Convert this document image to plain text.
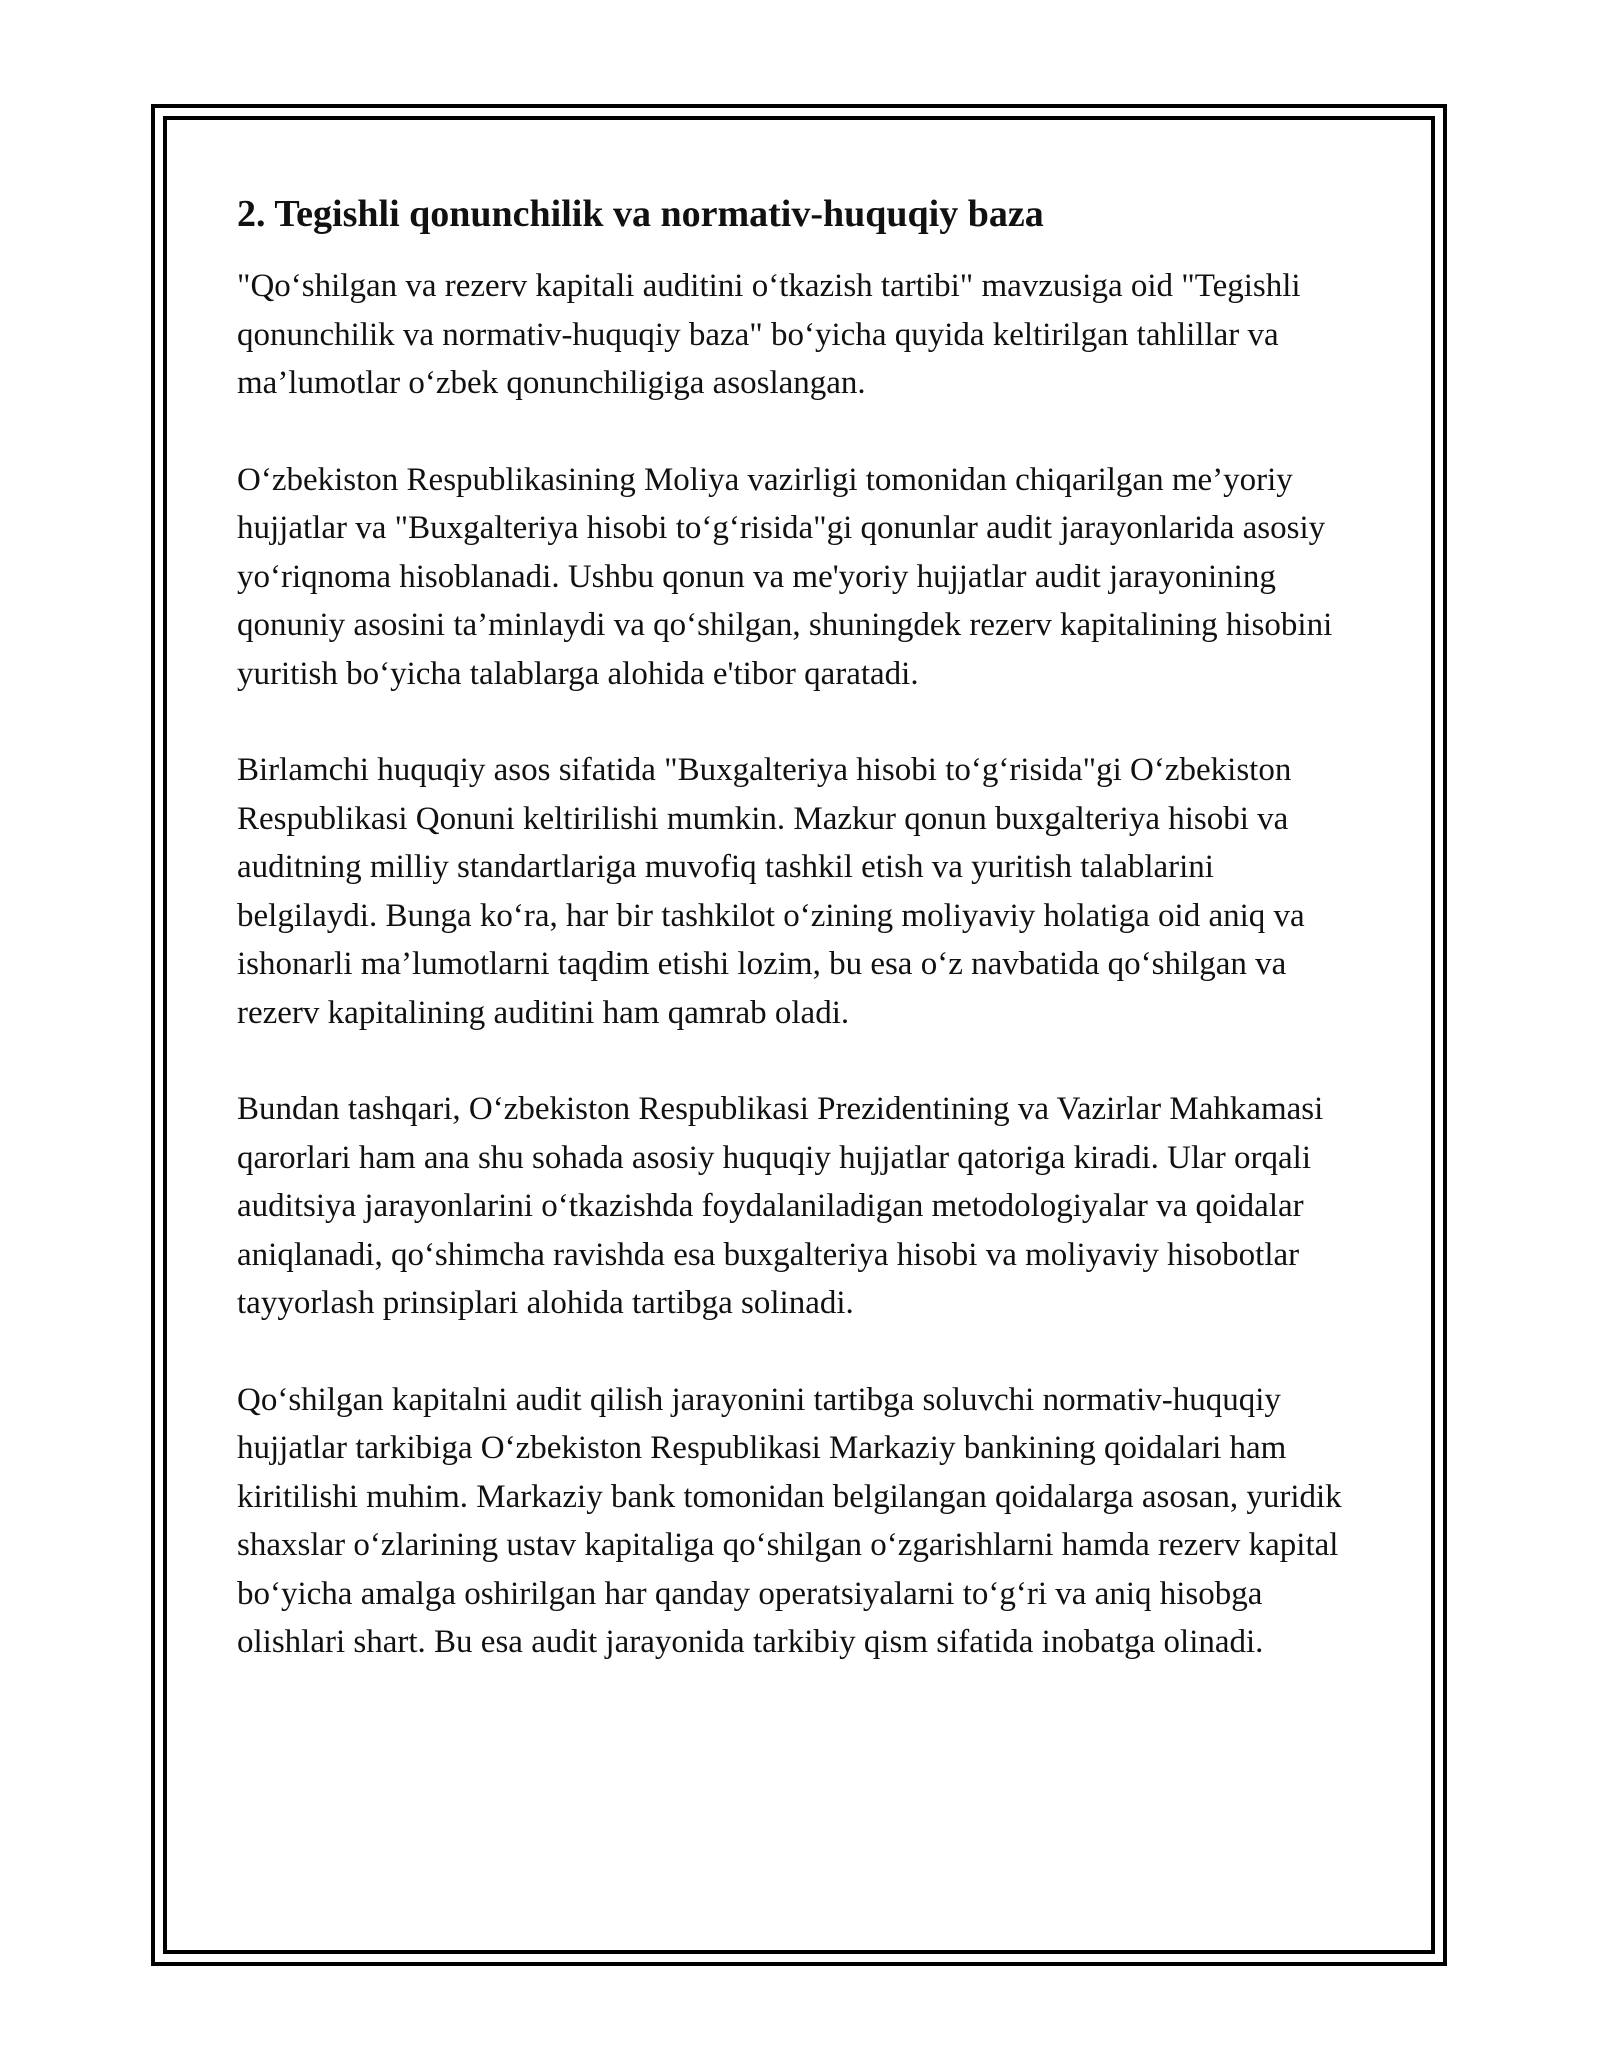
2. Tegishli qonunchilik va normativ-huquqiy baza

"Qo‘shilgan va rezerv kapitali auditini o‘tkazish tartibi" mavzusiga oid "Tegishli qonunchilik va normativ-huquqiy baza" bo‘yicha quyida keltirilgan tahlillar va ma’lumotlar o‘zbek qonunchiligiga asoslangan.

O‘zbekiston Respublikasining Moliya vazirligi tomonidan chiqarilgan me’yoriy hujjatlar va "Buxgalteriya hisobi to‘g‘risida"gi qonunlar audit jarayonlarida asosiy yo‘riqnoma hisoblanadi. Ushbu qonun va me'yoriy hujjatlar audit jarayonining qonuniy asosini ta’minlaydi va qo‘shilgan, shuningdek rezerv kapitalining hisobini yuritish bo‘yicha talablarga alohida e'tibor qaratadi.

Birlamchi huquqiy asos sifatida "Buxgalteriya hisobi to‘g‘risida"gi O‘zbekiston Respublikasi Qonuni keltirilishi mumkin. Mazkur qonun buxgalteriya hisobi va auditning milliy standartlariga muvofiq tashkil etish va yuritish talablarini belgilaydi. Bunga ko‘ra, har bir tashkilot o‘zining moliyaviy holatiga oid aniq va ishonarli ma’lumotlarni taqdim etishi lozim, bu esa o‘z navbatida qo‘shilgan va rezerv kapitalining auditini ham qamrab oladi.

Bundan tashqari, O‘zbekiston Respublikasi Prezidentining va Vazirlar Mahkamasi qarorlari ham ana shu sohada asosiy huquqiy hujjatlar qatoriga kiradi. Ular orqali auditsiya jarayonlarini o‘tkazishda foydalaniladigan metodologiyalar va qoidalar aniqlanadi, qo‘shimcha ravishda esa buxgalteriya hisobi va moliyaviy hisobotlar tayyorlash prinsiplari alohida tartibga solinadi.

Qo‘shilgan kapitalni audit qilish jarayonini tartibga soluvchi normativ-huquqiy hujjatlar tarkibiga O‘zbekiston Respublikasi Markaziy bankining qoidalari ham kiritilishi muhim. Markaziy bank tomonidan belgilangan qoidalarga asosan, yuridik shaxslar o‘zlarining ustav kapitaliga qo‘shilgan o‘zgarishlarni hamda rezerv kapital bo‘yicha amalga oshirilgan har qanday operatsiyalarni to‘g‘ri va aniq hisobga olishlari shart. Bu esa audit jarayonida tarkibiy qism sifatida inobatga olinadi.
